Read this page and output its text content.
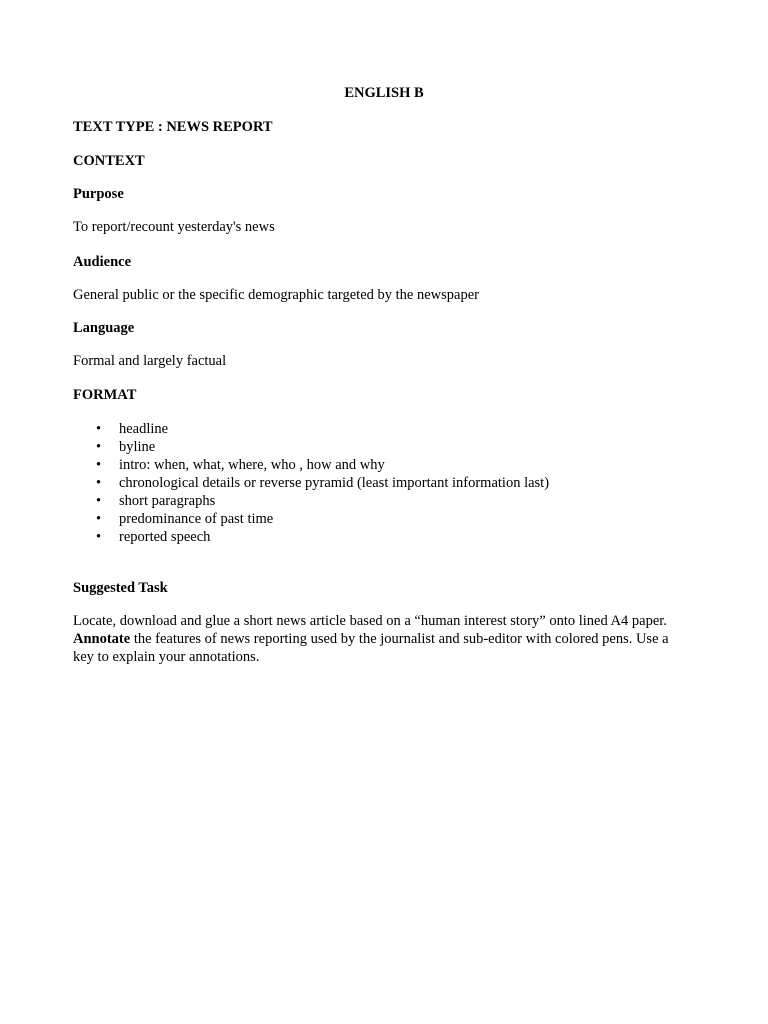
ENGLISH B

TEXT TYPE : NEWS REPORT

CONTEXT

Purpose

To report/recount yesterday's news

Audience

General public or the specific demographic targeted by the newspaper

Language

Formal and largely factual

FORMAT

• headline
• byline
• intro: when, what, where, who , how and why
• chronological details or reverse pyramid (least important information last)
• short paragraphs
• predominance of past time
• reported speech

Suggested Task

Locate, download and glue a short news article based on a “human interest story” onto lined A4 paper. Annotate the features of news reporting used by the journalist and sub-editor with colored pens. Use a key to explain your annotations.
